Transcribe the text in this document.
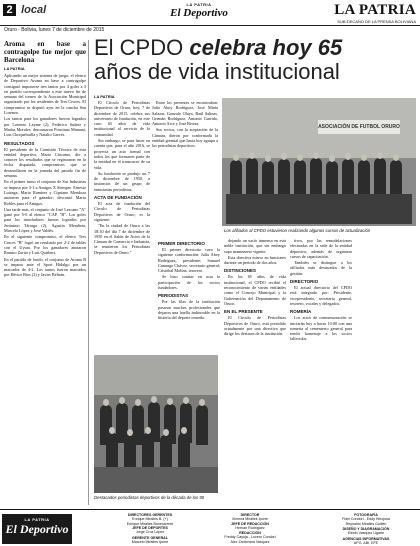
2 local	LA PATRIA
El Deportivo	LA PATRIA
SUB-DECANO DE LA PRENSA BOLIVIANA
Oruro - Bolivia, lunes 7 de diciembre de 2015
Aroma en base a contragolpe fue mejor que Barcelona
LA PATRIA

Aplicando un mejor sistema de juego, el elenco de Deportivo Aroma en base a contragolpe consiguió imponerse tres tantos por 4 goles a 3 en partido correspondiente a este nuevo fin de semana del torneo de la Asociación Municipal organizado por los residentes de Tres Cruces. El compromiso se disputó ayer en la cancha San Lorenzo.

Los tantos para los ganadores fueron logrados por Lorenzo Layme (2), Federico Suárez y Matías Morales; descontaron Ponciano Mamani, Luis Choquehuilla y Natalio Garcés.

RESULTADOS

El presidente de la Comisión Técnica de esta entidad deportiva, Mario Cárcamo, dio a conocer los resultados que se registraron en la fecha disputada, compromisos que se desarrollaron en la jornada del pasado fin de semana.

En el primer turno el conjunto de Sur Industrias se impuso por 3-1 a Amigos X Siempre. Ernesto Luizaga, Mario Ramírez y Cipriano Mendoza anotaron para el ganador; descontó Mario Robles para el Amigos.

Una tarde más, el conjunto de José Lezcano "A" ganó por 5-0 al elenco "CAP. "B". Los goles para los triunfadores fueron logrados por Jerónimo Tárraga (2), Agustín Mendieta, Marcelo López y José Valdés.

En el siguiente compromiso, el elenco Tres Cruces "B" logró un resultado por 2-2 de tablas con el Uyuni. Por los ganadores anotaron Ramiro Zurita y Luis Quisbert.

En el partido de fondo, el conjunto de Aroma B se impuso ante el Sport Hidalgo por un marcador de 4-2. Los tantos fueron marcados por Héctor Ríos (2) y Javier Beltrán.

El CPDO celebra hoy 65
años de vida institucional
LA PATRIA

El Círculo de Periodistas Deportivos de Oruro, hoy, 7 de diciembre de 2015, celebra sus aniversario de fundación, en este caso 65 años de vida institucional al servicio de la comunidad.

Sin embargo, se para hacer en cuenta que, para el año 2016, se proyecta un acto formal con todos los que formaron parte de la entidad en el transcurso de su vida.

Su fundación se produjo un 7 de diciembre de 1950, a instancias de un grupo de entusiastas periodistas.

ACTA DE FUNDACIÓN

El acta de fundación del Círculo de Periodistas Deportivos de Oruro, es la siguiente:

"En la ciudad de Oruro a las 18:30 del día 7 de diciembre de 1950 en el Salón de Actos de la Cámara de Comercio e Industria, se reunieron los Periodistas Deportivos de Oruro."

Entre los presentes se encontraban: Julio Aboy Rodríguez, José María Salazar, Gonzalo Olaya, Raúl Salinas, Germán Rodríguez, Antonio Garrido, Antonio Arce y José Rivera.

Sus socios, con la aceptación de la Cámara, dieron por conformada la entidad gremial que hasta hoy agrupa a los periodistas deportivos.

ASOCIACIÓN DE FUTBOL ORURO
Los afiliados al CPDO estuvieron realizando algunos cursos de actualización
Destacados periodistas deportivos de la década de los 90
PRIMER DIRECTORIO

El primer directorio tuvo la siguiente conformación: Julio Aboy Rodríguez, presidente; Samuel Camargo Chávez, secretario general; Cristóbal Molina, tesorero.

Se hizo constar en acta la participación de los socios fundadores.

PERIODISTAS

Por las filas de la institución pasaron muchos profesionales que dejaron una huella imborrable en la historia del deporte orureño.

dejando un vacío inmenso en esta noble institución, que sin embargo supo mantenerse vigente.

Esta directiva estuvo en funciones durante un periodo de dos años.

DISTINCIONES

En los 65 años de vida institucional, el CPDO recibió el reconocimiento de varias entidades como el Concejo Municipal y la Gobernación del Departamento de Oruro.

EN EL PRESENTE

El Círculo de Periodistas Deportivos de Oruro, está presidido actualmente por una directiva que dirige los destinos de la institución.

tivos, por las remodelaciones efectuadas en la sede de la entidad deportiva, además de organizar cursos de capacitación.

También se distingue a los afiliados más destacados de la gestión.

DIRECTORIO

El actual directorio del CPDO está integrado por: Presidente, vicepresidente, secretario general, tesorero, vocales y delegados.

ROMERÍA

Los actos de conmemoración se iniciarán hoy a horas 10:00 con una romería al cementerio general para rendir homenaje a los socios fallecidos.

LA PATRIA
El Deportivo
DIRECTORES GERENTES
Enrique Miralles B. (+)
Enrique Miralles Bonecarrere
JEFE DE DEPORTES
Jorge Cruz López
GERENTE GENERAL
Marcelo Miralles Iporre
DIRECTOR
Ximena Miralles Iporre
JEFE DE REDACCIÓN
Hernán Rodríguez
REDACCIÓN
Freddy Cayoja - Lucero Condori
Alex Zambrana Vasquez
FOTOGRAFÍA
Fidel Condori - Eddy Hinojosa
Reynaldo Miralles Guillén
DISEÑO Y DIAGRAMACIÓN
Edwin Vasquez Ugarte
AGENCIAS INFORMATIVAS
APG, ABI, EFE
